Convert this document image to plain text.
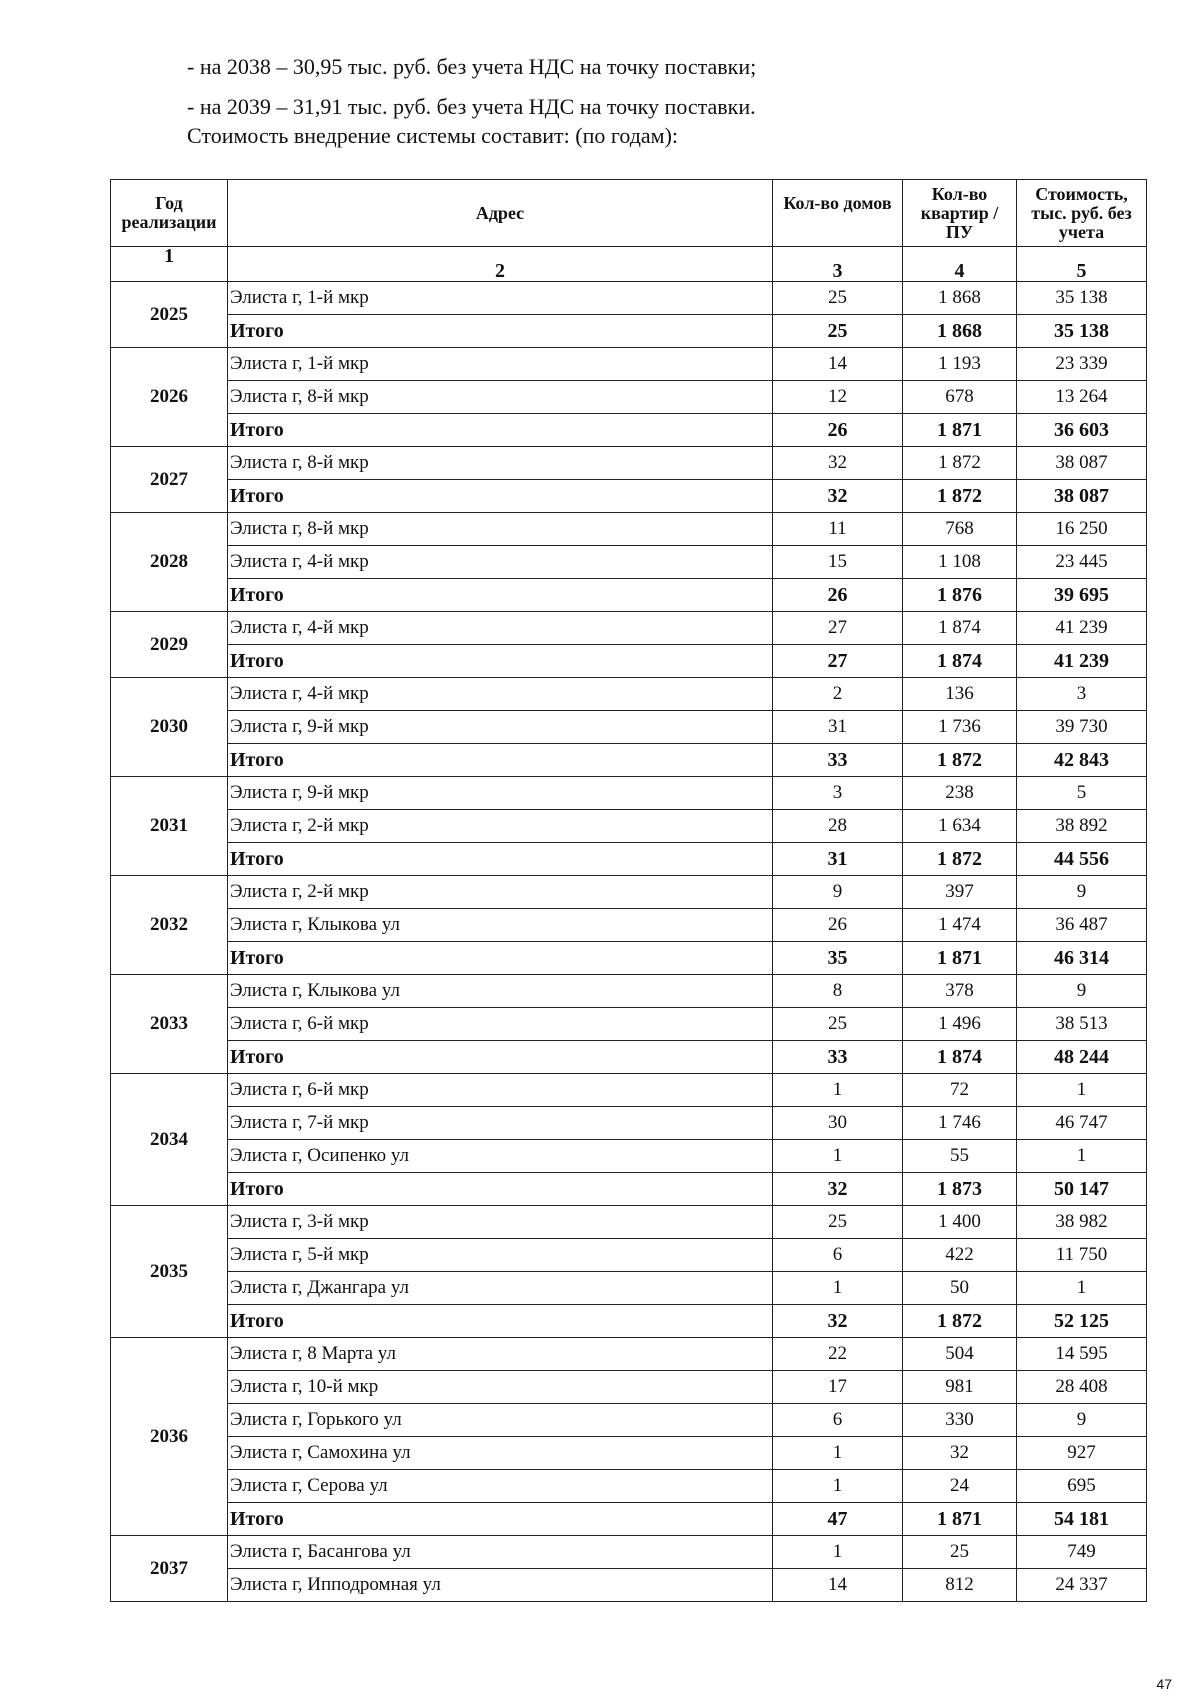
- на 2038 – 30,95 тыс. руб. без учета НДС на точку поставки;

- на 2039 – 31,91 тыс. руб. без учета НДС на точку поставки.

Стоимость внедрение системы составит: (по годам):

Год реализации	Адрес	Кол-во домов	Кол-во квартир / ПУ	Стоимость, тыс. руб. без учета

1	2	3	4	5
2025	Элиста г, 1-й мкр	25	1 868	35 138
	Итого	25	1 868	35 138
2026	Элиста г, 1-й мкр	14	1 193	23 339
	Элиста г, 8-й мкр	12	678	13 264
	Итого	26	1 871	36 603
2027	Элиста г, 8-й мкр	32	1 872	38 087
	Итого	32	1 872	38 087
2028	Элиста г, 8-й мкр	11	768	16 250
	Элиста г, 4-й мкр	15	1 108	23 445
	Итого	26	1 876	39 695
2029	Элиста г, 4-й мкр	27	1 874	41 239
	Итого	27	1 874	41 239
2030	Элиста г, 4-й мкр	2	136	3
	Элиста г, 9-й мкр	31	1 736	39 730
	Итого	33	1 872	42 843
2031	Элиста г, 9-й мкр	3	238	5
	Элиста г, 2-й мкр	28	1 634	38 892
	Итого	31	1 872	44 556
2032	Элиста г, 2-й мкр	9	397	9
	Элиста г, Клыкова ул	26	1 474	36 487
	Итого	35	1 871	46 314
2033	Элиста г, Клыкова ул	8	378	9
	Элиста г, 6-й мкр	25	1 496	38 513
	Итого	33	1 874	48 244
2034	Элиста г, 6-й мкр	1	72	1
	Элиста г, 7-й мкр	30	1 746	46 747
	Элиста г, Осипенко ул	1	55	1
	Итого	32	1 873	50 147
2035	Элиста г, 3-й мкр	25	1 400	38 982
	Элиста г, 5-й мкр	6	422	11 750
	Элиста г, Джангара ул	1	50	1
	Итого	32	1 872	52 125
2036	Элиста г, 8 Марта ул	22	504	14 595
	Элиста г, 10-й мкр	17	981	28 408
	Элиста г, Горького ул	6	330	9
	Элиста г, Самохина ул	1	32	927
	Элиста г, Серова ул	1	24	695
	Итого	47	1 871	54 181
2037	Элиста г, Басангова ул	1	25	749
	Элиста г, Ипподромная ул	14	812	24 337
47
